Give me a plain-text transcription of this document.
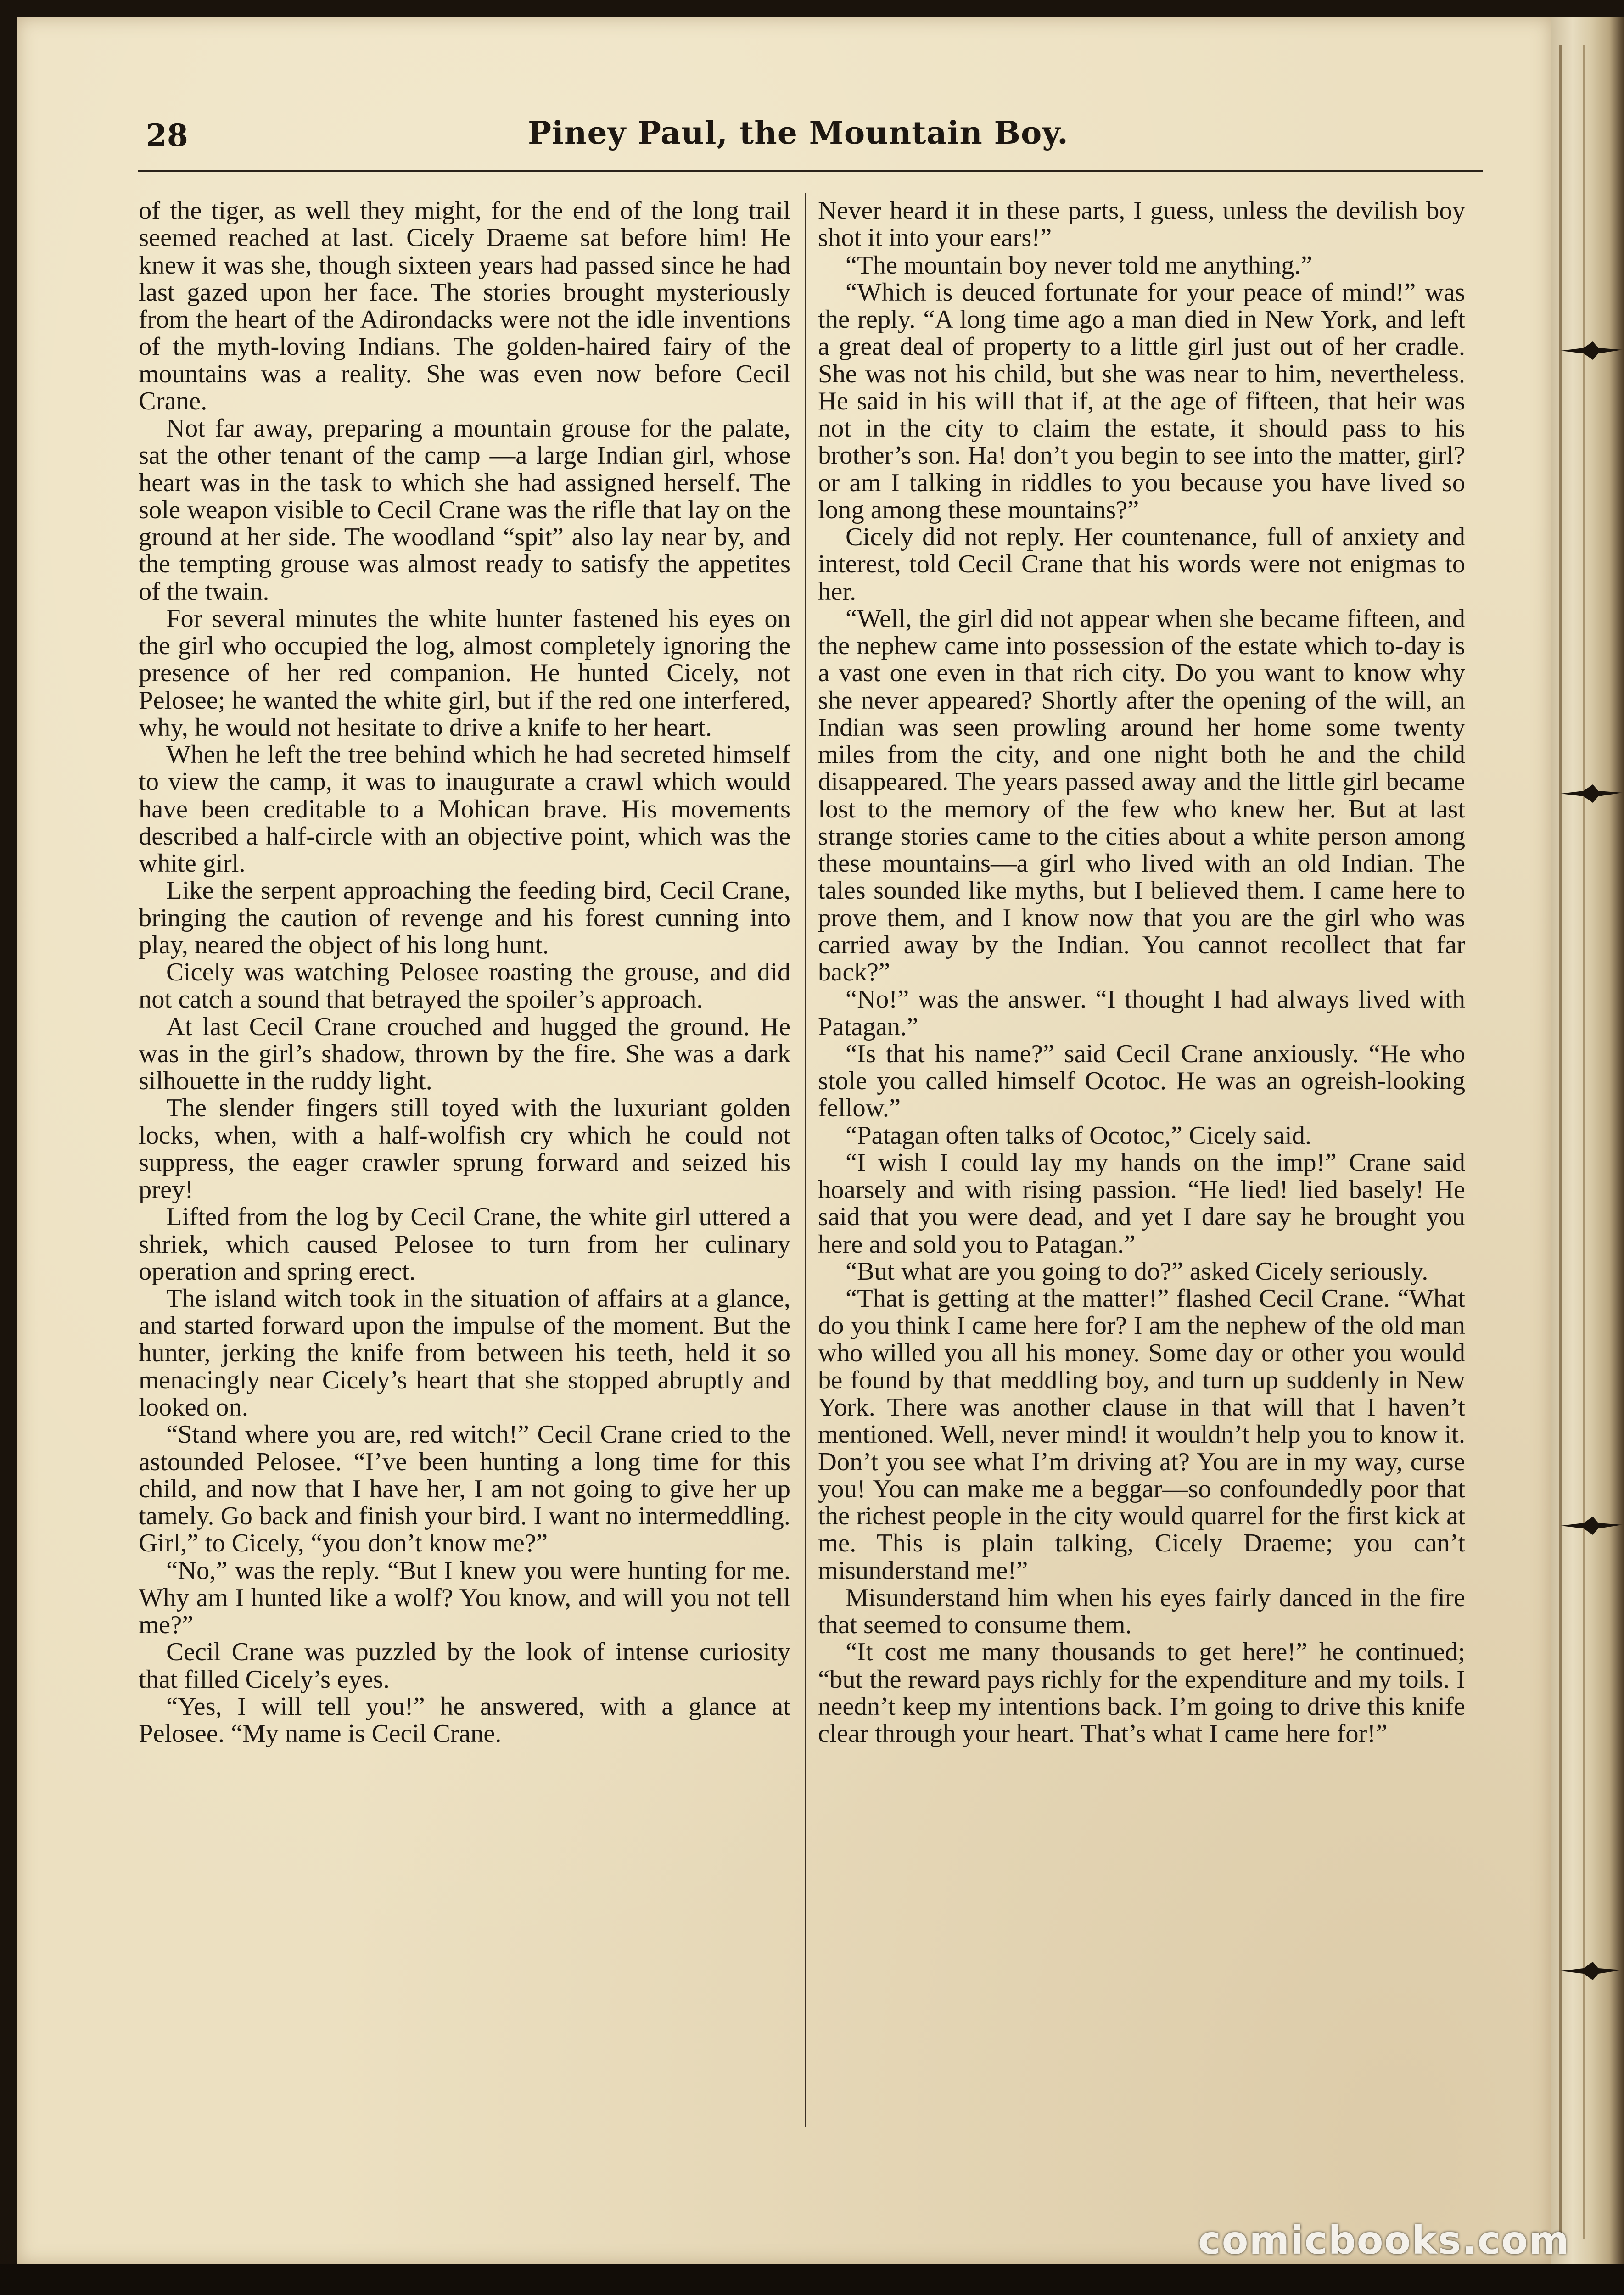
28	Piney Paul, the Mountain Boy.

of the tiger, as well they might, for the end of the long trail seemed reached at last. Cicely Draeme sat before him! He knew it was she, though sixteen years had passed since he had last gazed upon her face. The stories brought mysteriously from the heart of the Adirondacks were not the idle inventions of the myth-loving Indians. The golden-haired fairy of the mountains was a reality. She was even now before Cecil Crane.

Not far away, preparing a mountain grouse for the palate, sat the other tenant of the camp —a large Indian girl, whose heart was in the task to which she had assigned herself. The sole weapon visible to Cecil Crane was the rifle that lay on the ground at her side. The woodland “spit” also lay near by, and the tempting grouse was almost ready to satisfy the appetites of the twain.

For several minutes the white hunter fastened his eyes on the girl who occupied the log, almost completely ignoring the presence of her red companion. He hunted Cicely, not Pelosee; he wanted the white girl, but if the red one interfered, why, he would not hesitate to drive a knife to her heart.

When he left the tree behind which he had secreted himself to view the camp, it was to inaugurate a crawl which would have been creditable to a Mohican brave. His movements described a half-circle with an objective point, which was the white girl.

Like the serpent approaching the feeding bird, Cecil Crane, bringing the caution of revenge and his forest cunning into play, neared the object of his long hunt.

Cicely was watching Pelosee roasting the grouse, and did not catch a sound that betrayed the spoiler’s approach.

At last Cecil Crane crouched and hugged the ground. He was in the girl’s shadow, thrown by the fire. She was a dark silhouette in the ruddy light.

The slender fingers still toyed with the luxuriant golden locks, when, with a half-wolfish cry which he could not suppress, the eager crawler sprung forward and seized his prey!

Lifted from the log by Cecil Crane, the white girl uttered a shriek, which caused Pelosee to turn from her culinary operation and spring erect.

The island witch took in the situation of affairs at a glance, and started forward upon the impulse of the moment. But the hunter, jerking the knife from between his teeth, held it so menacingly near Cicely’s heart that she stopped abruptly and looked on.

“Stand where you are, red witch!” Cecil Crane cried to the astounded Pelosee. “I’ve been hunting a long time for this child, and now that I have her, I am not going to give her up tamely. Go back and finish your bird. I want no intermeddling. Girl,” to Cicely, “you don’t know me?”

“No,” was the reply. “But I knew you were hunting for me. Why am I hunted like a wolf? You know, and will you not tell me?”

Cecil Crane was puzzled by the look of intense curiosity that filled Cicely’s eyes.

“Yes, I will tell you!” he answered, with a glance at Pelosee. “My name is Cecil Crane.

Never heard it in these parts, I guess, unless the devilish boy shot it into your ears!”

“The mountain boy never told me anything.”

“Which is deuced fortunate for your peace of mind!” was the reply. “A long time ago a man died in New York, and left a great deal of property to a little girl just out of her cradle. She was not his child, but she was near to him, nevertheless. He said in his will that if, at the age of fifteen, that heir was not in the city to claim the estate, it should pass to his brother’s son. Ha! don’t you begin to see into the matter, girl? or am I talking in riddles to you because you have lived so long among these mountains?”

Cicely did not reply. Her countenance, full of anxiety and interest, told Cecil Crane that his words were not enigmas to her.

“Well, the girl did not appear when she became fifteen, and the nephew came into possession of the estate which to-day is a vast one even in that rich city. Do you want to know why she never appeared? Shortly after the opening of the will, an Indian was seen prowling around her home some twenty miles from the city, and one night both he and the child disappeared. The years passed away and the little girl became lost to the memory of the few who knew her. But at last strange stories came to the cities about a white person among these mountains—a girl who lived with an old Indian. The tales sounded like myths, but I believed them. I came here to prove them, and I know now that you are the girl who was carried away by the Indian. You cannot recollect that far back?”

“No!” was the answer. “I thought I had always lived with Patagan.”

“Is that his name?” said Cecil Crane anxiously. “He who stole you called himself Ocotoc. He was an ogreish-looking fellow.”

“Patagan often talks of Ocotoc,” Cicely said.

“I wish I could lay my hands on the imp!” Crane said hoarsely and with rising passion. “He lied! lied basely! He said that you were dead, and yet I dare say he brought you here and sold you to Patagan.”

“But what are you going to do?” asked Cicely seriously.

“That is getting at the matter!” flashed Cecil Crane. “What do you think I came here for? I am the nephew of the old man who willed you all his money. Some day or other you would be found by that meddling boy, and turn up suddenly in New York. There was another clause in that will that I haven’t mentioned. Well, never mind! it wouldn’t help you to know it. Don’t you see what I’m driving at? You are in my way, curse you! You can make me a beggar—so confoundedly poor that the richest people in the city would quarrel for the first kick at me. This is plain talking, Cicely Draeme; you can’t misunderstand me!”

Misunderstand him when his eyes fairly danced in the fire that seemed to consume them.

“It cost me many thousands to get here!” he continued; “but the reward pays richly for the expenditure and my toils. I needn’t keep my intentions back. I’m going to drive this knife clear through your heart. That’s what I came here for!”

comicbooks.com
